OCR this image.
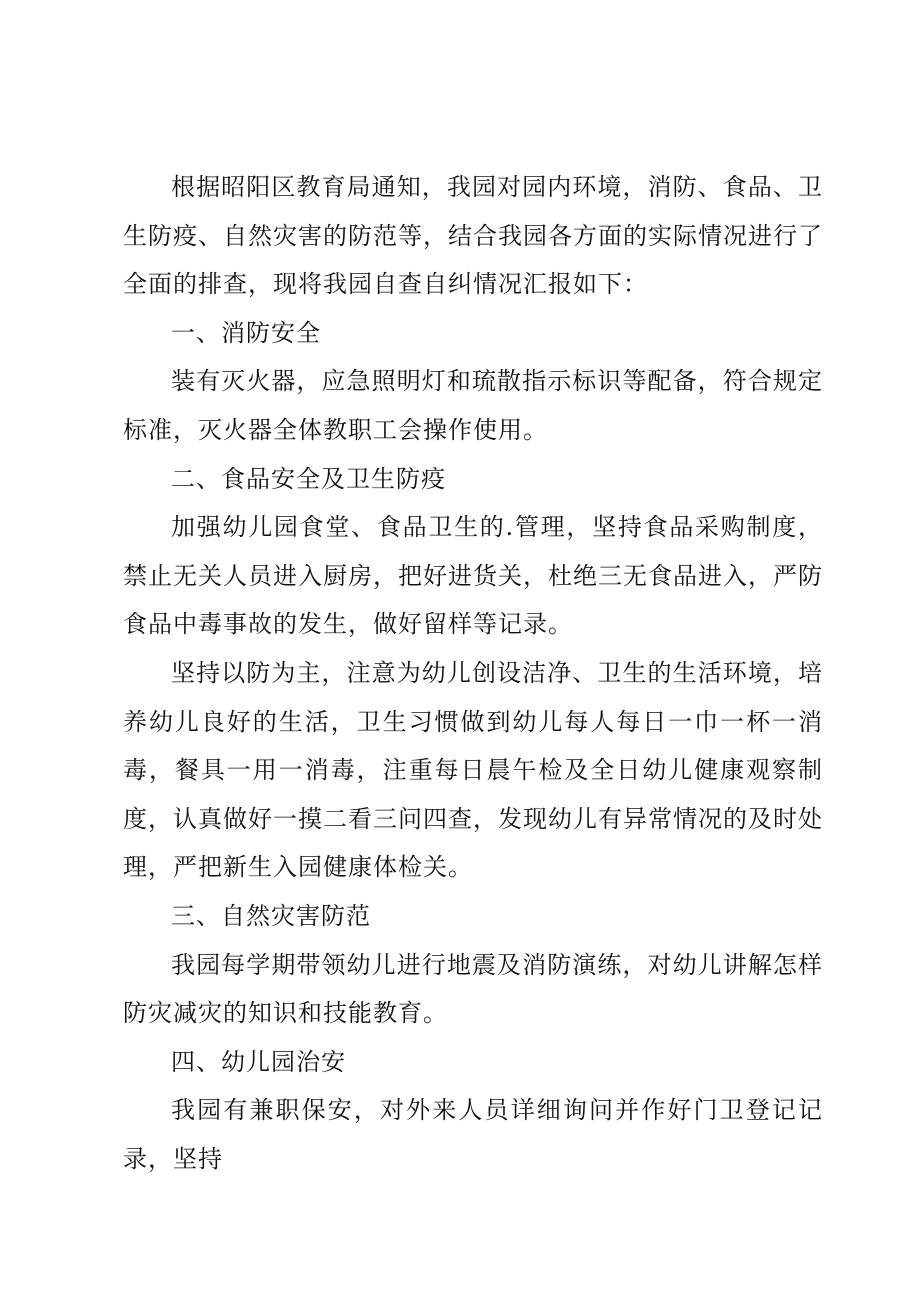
根据昭阳区教育局通知，我园对园内环境，消防、食品、卫生防疫、自然灾害的防范等，结合我园各方面的实际情况进行了全面的排查，现将我园自查自纠情况汇报如下：

一、消防安全

装有灭火器，应急照明灯和琉散指示标识等配备，符合规定标准，灭火器全体教职工会操作使用。

二、食品安全及卫生防疫

加强幼儿园食堂、食品卫生的.管理，坚持食品采购制度，禁止无关人员进入厨房，把好进货关，杜绝三无食品进入，严防食品中毒事故的发生，做好留样等记录。

坚持以防为主，注意为幼儿创设洁净、卫生的生活环境，培养幼儿良好的生活，卫生习惯做到幼儿每人每日一巾一杯一消毒，餐具一用一消毒，注重每日晨午检及全日幼儿健康观察制度，认真做好一摸二看三问四查，发现幼儿有异常情况的及时处理，严把新生入园健康体检关。

三、自然灾害防范

我园每学期带领幼儿进行地震及消防演练，对幼儿讲解怎样防灾减灾的知识和技能教育。

四、幼儿园治安

我园有兼职保安，对外来人员详细询问并作好门卫登记记录，坚持
